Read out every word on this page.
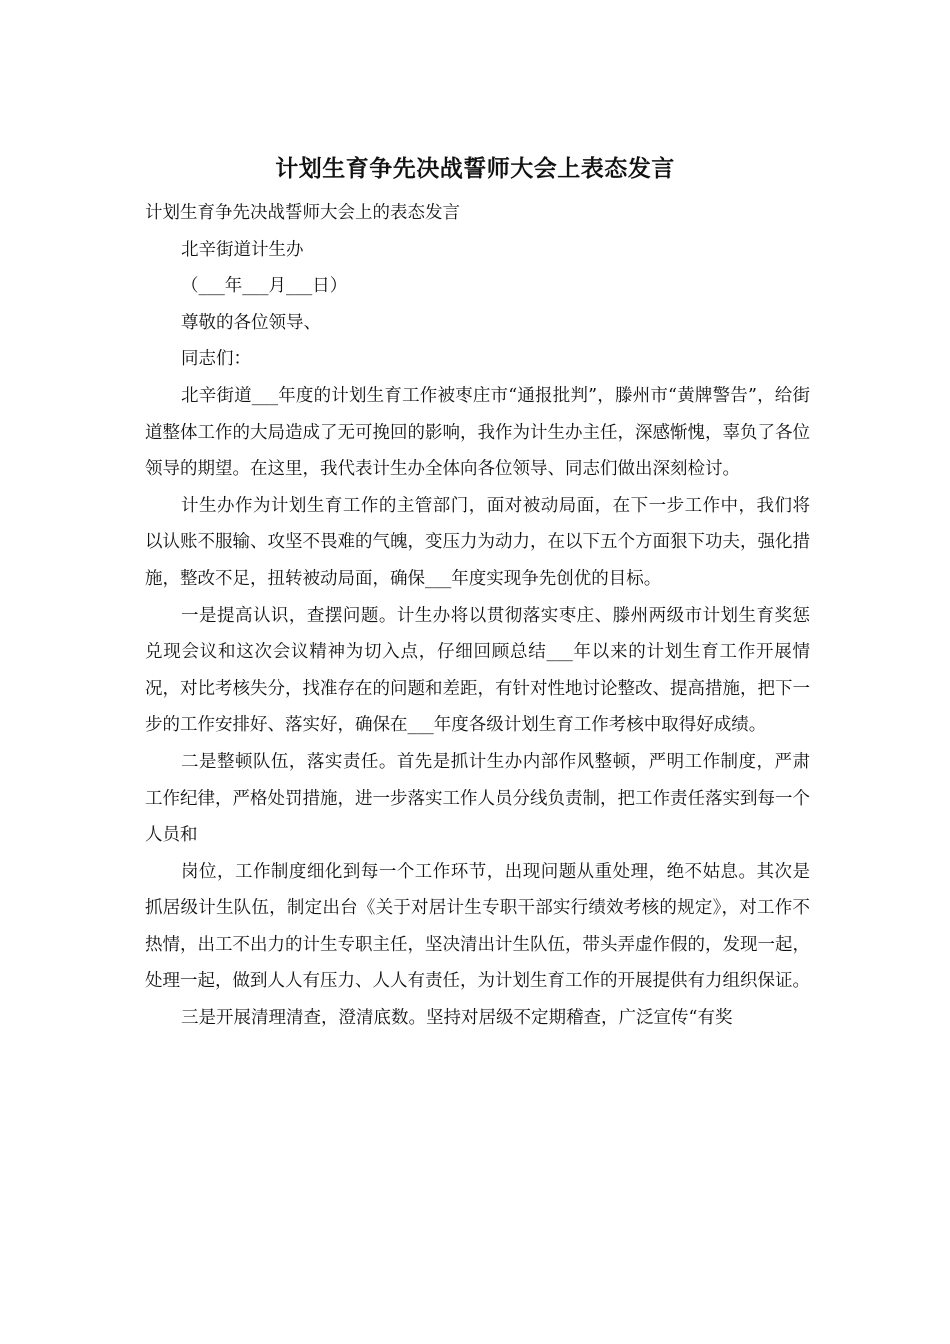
计划生育争先决战誓师大会上表态发言

计划生育争先决战誓师大会上的表态发言

北辛街道计生办

（___年___月___日）

尊敬的各位领导、

同志们：

北辛街道___年度的计划生育工作被枣庄市“通报批判”，滕州市“黄牌警告”，给街道整体工作的大局造成了无可挽回的影响，我作为计生办主任，深感惭愧，辜负了各位领导的期望。在这里，我代表计生办全体向各位领导、同志们做出深刻检讨。

计生办作为计划生育工作的主管部门，面对被动局面，在下一步工作中，我们将以认账不服输、攻坚不畏难的气魄，变压力为动力，在以下五个方面狠下功夫，强化措施，整改不足，扭转被动局面，确保___年度实现争先创优的目标。

一是提高认识，查摆问题。计生办将以贯彻落实枣庄、滕州两级市计划生育奖惩兑现会议和这次会议精神为切入点，仔细回顾总结___年以来的计划生育工作开展情况，对比考核失分，找准存在的问题和差距，有针对性地讨论整改、提高措施，把下一步的工作安排好、落实好，确保在___年度各级计划生育工作考核中取得好成绩。

二是整顿队伍，落实责任。首先是抓计生办内部作风整顿，严明工作制度，严肃工作纪律，严格处罚措施，进一步落实工作人员分线负责制，把工作责任落实到每一个人员和

岗位，工作制度细化到每一个工作环节，出现问题从重处理，绝不姑息。其次是抓居级计生队伍，制定出台《关于对居计生专职干部实行绩效考核的规定》，对工作不热情，出工不出力的计生专职主任，坚决清出计生队伍，带头弄虚作假的，发现一起，处理一起，做到人人有压力、人人有责任，为计划生育工作的开展提供有力组织保证。

三是开展清理清查，澄清底数。坚持对居级不定期稽查，广泛宣传“有奖
